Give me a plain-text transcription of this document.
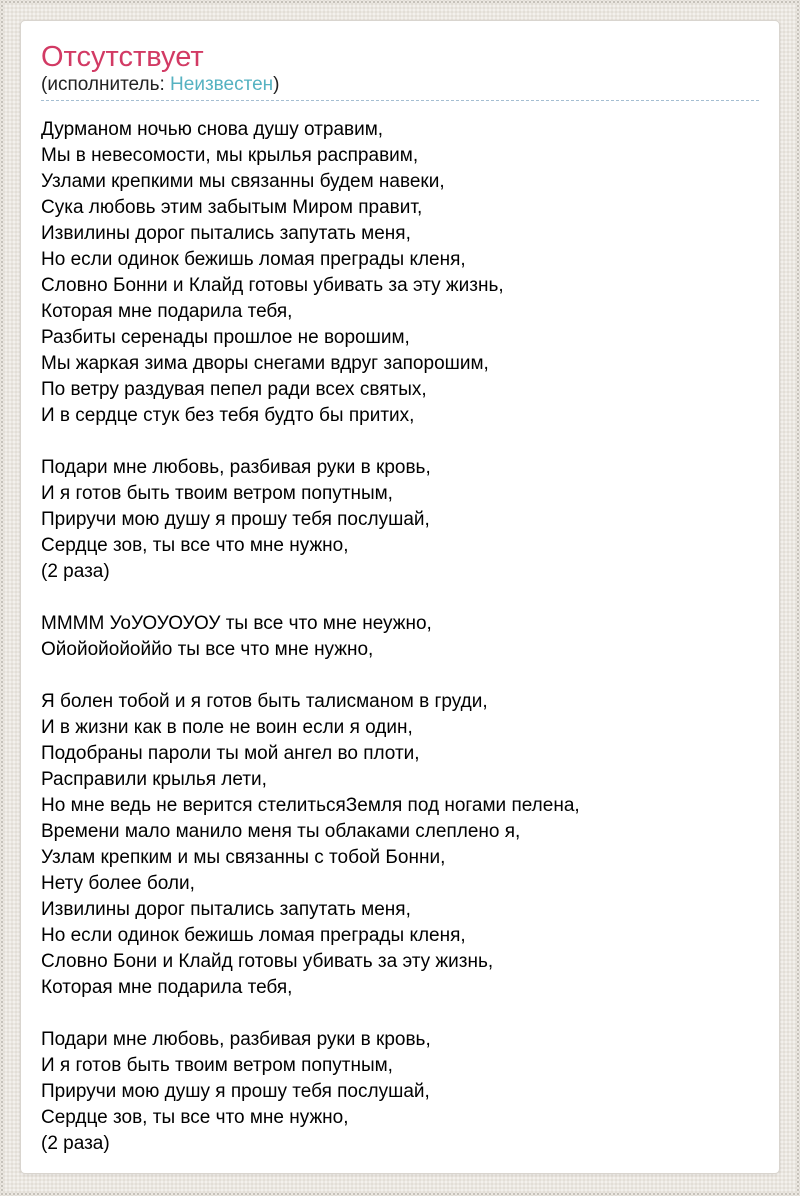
Отсутствует
(исполнитель: Неизвестен)
Дурманом ночью снова душу отравим,
Мы в невесомости, мы крылья расправим,
Узлами крепкими мы связанны будем навеки,
Сука любовь этим забытым Миром правит,
Извилины дорог пытались запутать меня,
Но если одинок бежишь ломая преграды кленя,
Словно Бонни и Клайд готовы убивать за эту жизнь,
Которая мне подарила тебя,
Разбиты серенады прошлое не ворошим,
Мы жаркая зима дворы снегами вдруг запорошим,
По ветру раздувая пепел ради всех святых,
И в сердце стук без тебя будто бы притих,
Подари мне любовь, разбивая руки в кровь,
И я готов быть твоим ветром попутным,
Приручи мою душу я прошу тебя послушай,
Сердце зов, ты все что мне нужно,
(2 раза)
ММММ УоУОУОУОУ ты все что мне неужно,
Ойойойойоййо ты все что мне нужно,
Я болен тобой и я готов быть талисманом в груди,
И в жизни как в поле не воин если я один,
Подобраны пароли ты мой ангел во плоти,
Расправили крылья лети,
Но мне ведь не верится стелитьсяЗемля под ногами пелена,
Времени мало манило меня ты облаками слеплено я,
Узлам крепким и мы связанны с тобой Бонни,
Нету более боли,
Извилины дорог пытались запутать меня,
Но если одинок бежишь ломая преграды кленя,
Словно Бони и Клайд готовы убивать за эту жизнь,
Которая мне подарила тебя,
Подари мне любовь, разбивая руки в кровь,
И я готов быть твоим ветром попутным,
Приручи мою душу я прошу тебя послушай,
Сердце зов, ты все что мне нужно,
(2 раза)
